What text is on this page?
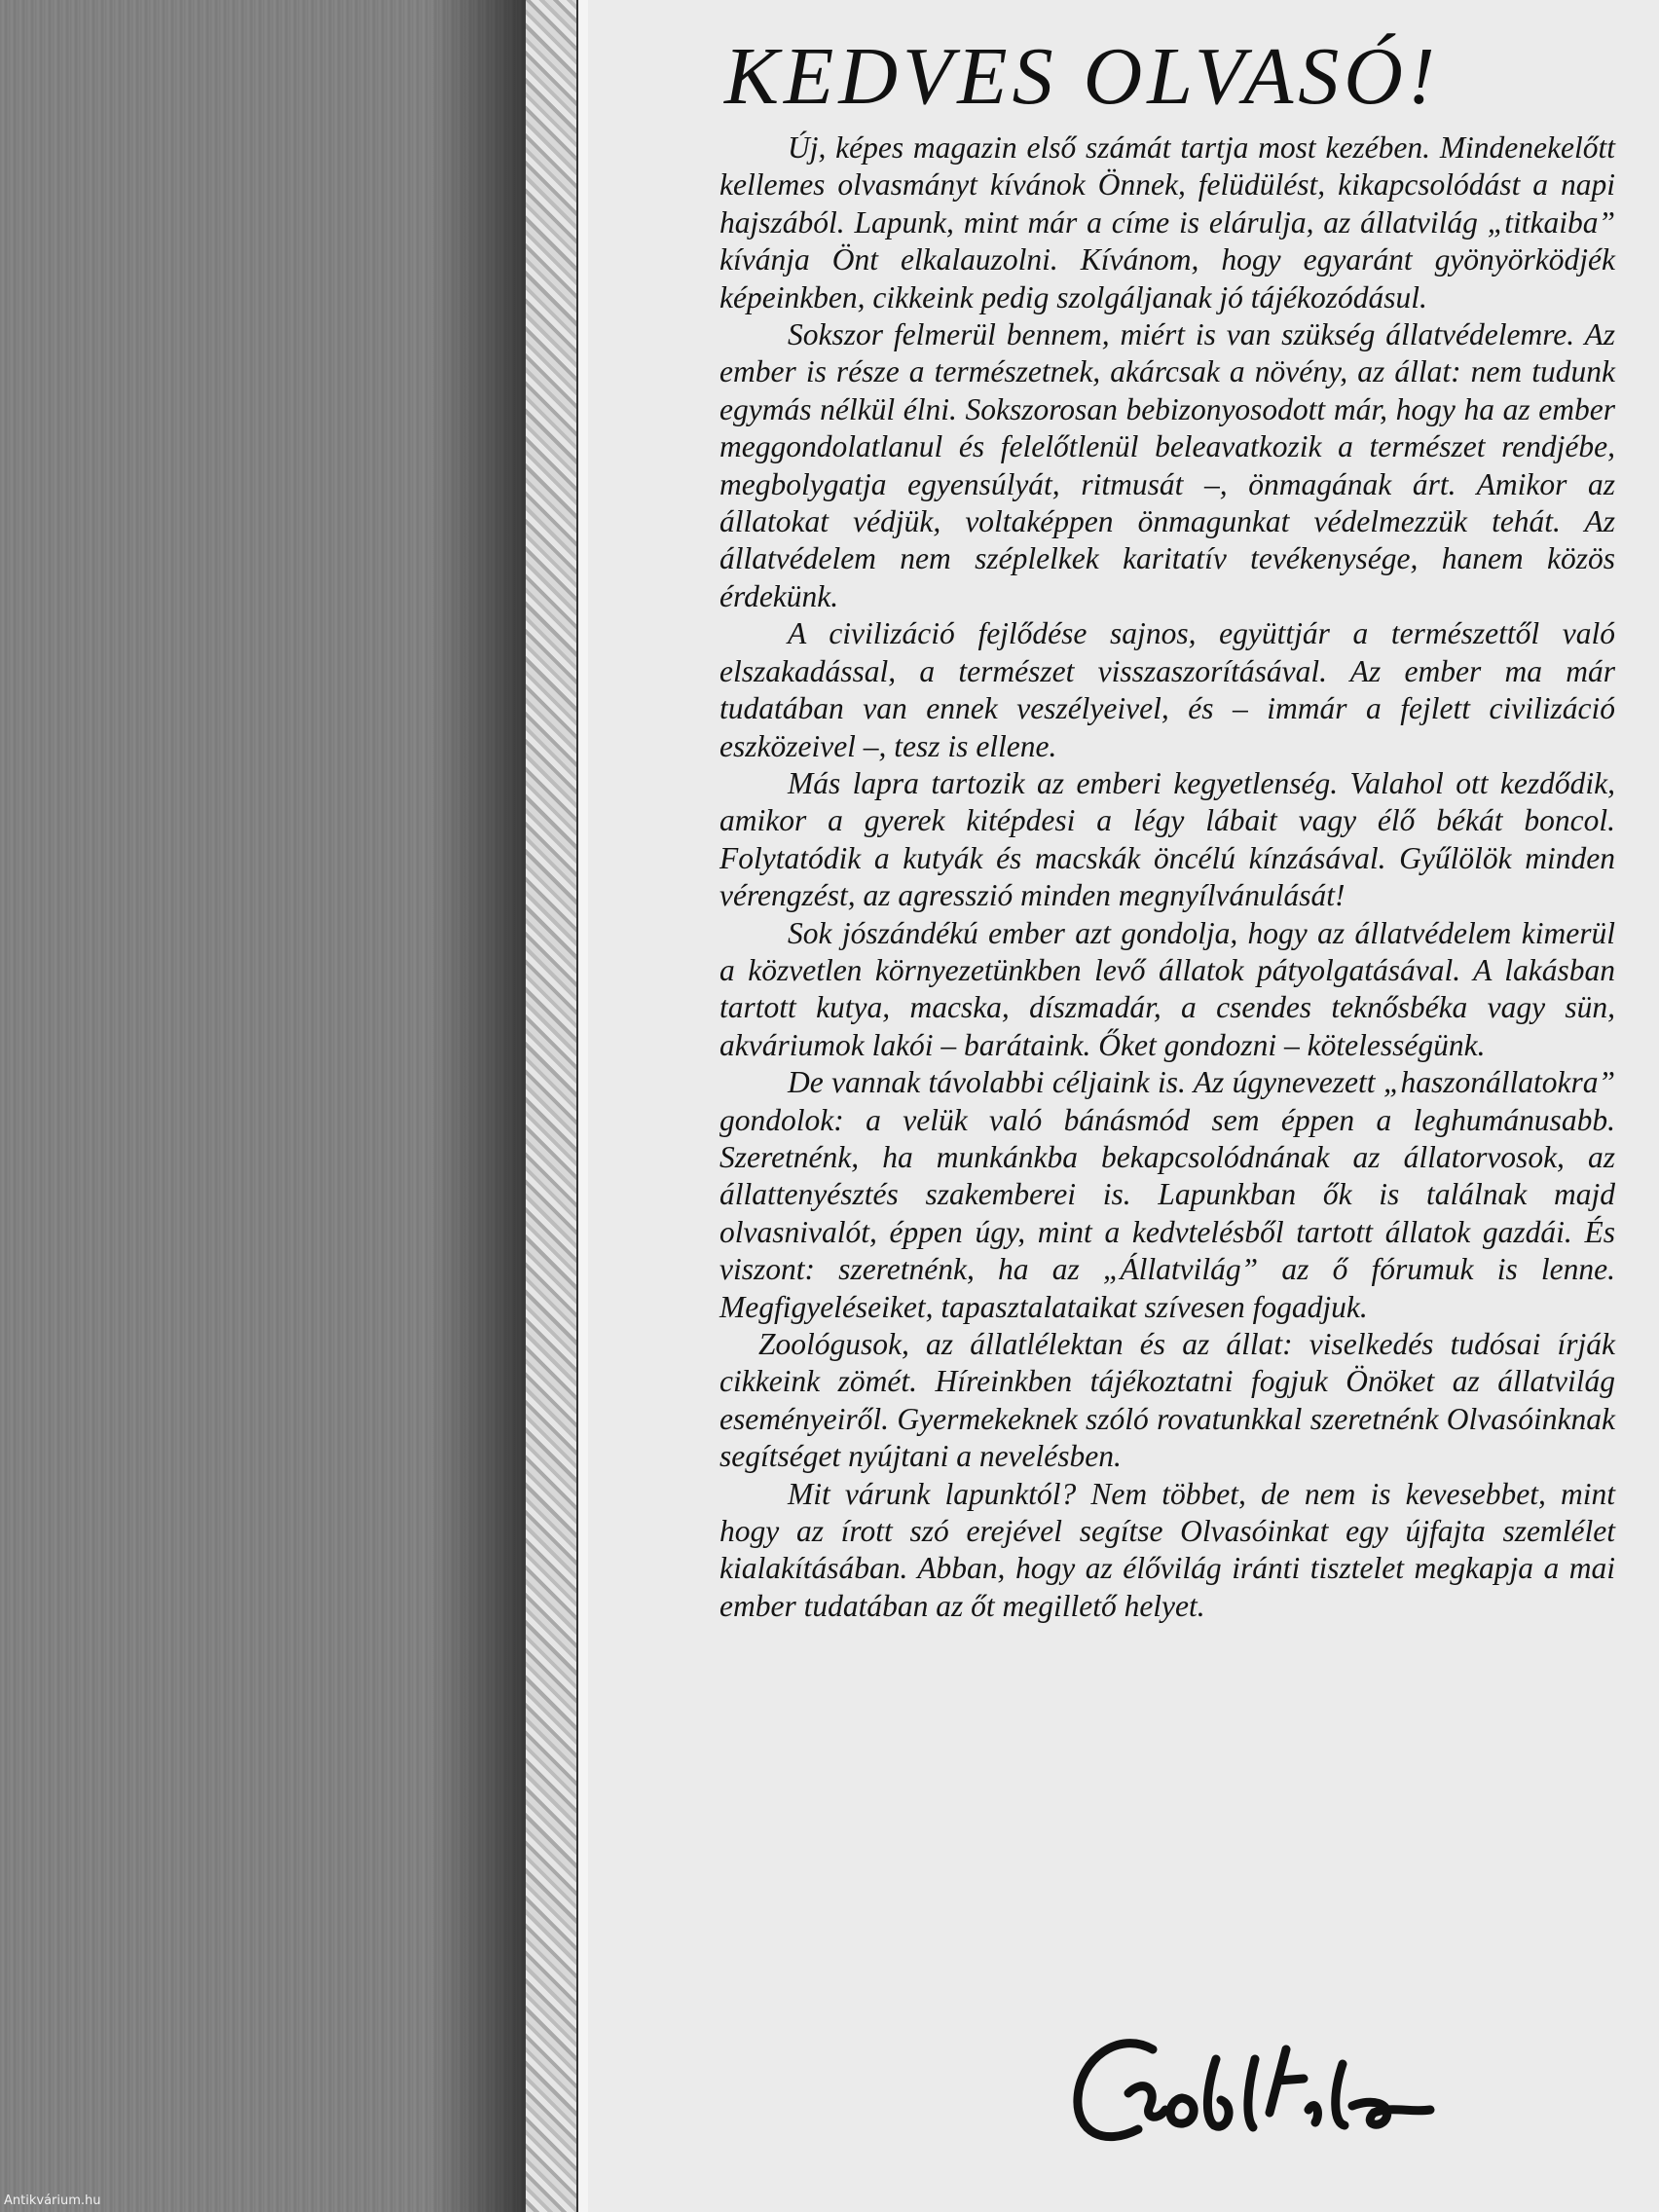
KEDVES OLVASÓ!

Új, képes magazin első számát tartja most kezében. Mindenekelőtt kellemes olvasmányt kívánok Önnek, felüdülést, kikapcsolódást a napi hajszából. Lapunk, mint már a címe is elárulja, az állatvilág „titkaiba” kívánja Önt elkalauzolni. Kívánom, hogy egyaránt gyönyörködjék képeinkben, cikkeink pedig szolgáljanak jó tájékozódásul.

Sokszor felmerül bennem, miért is van szükség állatvédelemre. Az ember is része a természetnek, akárcsak a növény, az állat: nem tudunk egymás nélkül élni. Sokszorosan bebizonyosodott már, hogy ha az ember meggondolatlanul és felelőtlenül beleavatkozik a természet rendjébe, megbolygatja egyensúlyát, ritmusát –, önmagának árt. Amikor az állatokat védjük, voltaképpen önmagunkat védelmezzük tehát. Az állatvédelem nem széplelkek karitatív tevékenysége, hanem közös érdekünk.

A civilizáció fejlődése sajnos, együttjár a természettől való elszakadással, a természet visszaszorításával. Az ember ma már tudatában van ennek veszélyeivel, és – immár a fejlett civilizáció eszközeivel –, tesz is ellene.

Más lapra tartozik az emberi kegyetlenség. Valahol ott kezdődik, amikor a gyerek kitépdesi a légy lábait vagy élő békát boncol. Folytatódik a kutyák és macskák öncélú kínzásával. Gyűlölök minden vérengzést, az agresszió minden megnyílvánulását!

Sok jószándékú ember azt gondolja, hogy az állatvédelem kimerül a közvetlen környezetünkben levő állatok pátyolgatásával. A lakásban tartott kutya, macska, díszmadár, a csendes teknősbéka vagy sün, akváriumok lakói – barátaink. Őket gondozni – kötelességünk.

De vannak távolabbi céljaink is. Az úgynevezett „haszonállatokra” gondolok: a velük való bánásmód sem éppen a leghumánusabb. Szeretnénk, ha munkánkba bekapcsolódnának az állatorvosok, az állattenyésztés szakemberei is. Lapunkban ők is találnak majd olvasnivalót, éppen úgy, mint a kedvtelésből tartott állatok gazdái. És viszont: szeretnénk, ha az „Állatvilág” az ő fórumuk is lenne. Megfigyeléseiket, tapasztalataikat szívesen fogadjuk.

Zoológusok, az állatlélektan és az állat: viselkedés tudósai írják cikkeink zömét. Híreinkben tájékoztatni fogjuk Önöket az állatvilág eseményeiről. Gyermekeknek szóló rovatunkkal szeretnénk Olvasóinknak segítséget nyújtani a nevelésben.

Mit várunk lapunktól? Nem többet, de nem is kevesebbet, mint hogy az írott szó erejével segítse Olvasóinkat egy újfajta szemlélet kialakításában. Abban, hogy az élővilág iránti tisztelet megkapja a mai ember tudatában az őt megillető helyet.

Antikvárium.hu
